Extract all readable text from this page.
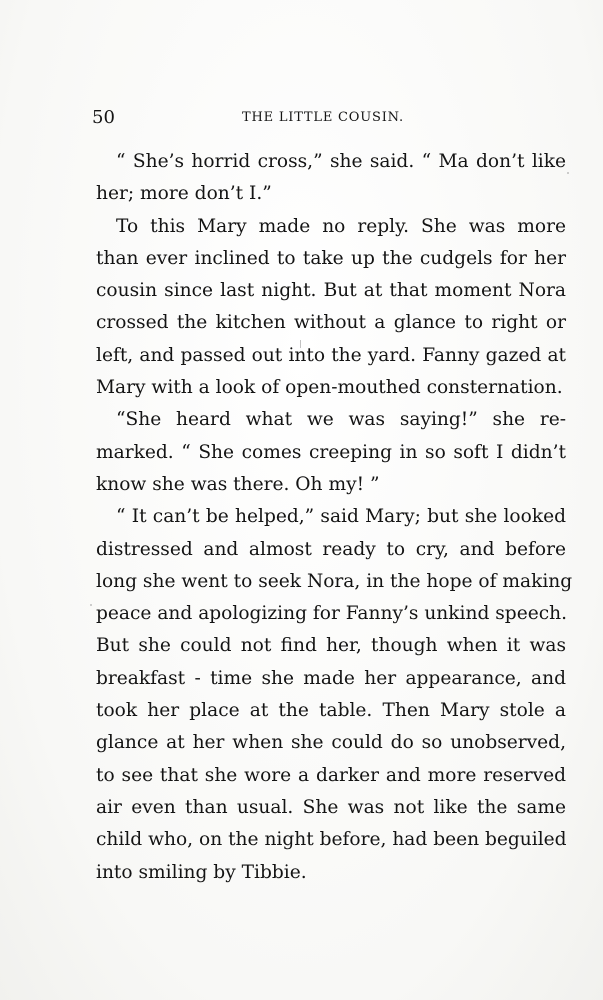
50	THE LITTLE COUSIN.
“ She’s horrid cross,” she said. “ Ma don’t like
her; more don’t I.”
To this Mary made no reply. She was more
than ever inclined to take up the cudgels for her
cousin since last night. But at that moment Nora
crossed the kitchen without a glance to right or
left, and passed out into the yard. Fanny gazed at
Mary with a look of open-mouthed consternation.
“She heard what we was saying!” she re-
marked. “ She comes creeping in so soft I didn’t
know she was there. Oh my! ”
“ It can’t be helped,” said Mary; but she looked
distressed and almost ready to cry, and before
long she went to seek Nora, in the hope of making
peace and apologizing for Fanny’s unkind speech.
But she could not find her, though when it was
breakfast - time she made her appearance, and
took her place at the table. Then Mary stole a
glance at her when she could do so unobserved,
to see that she wore a darker and more reserved
air even than usual. She was not like the same
child who, on the night before, had been beguiled
into smiling by Tibbie.
